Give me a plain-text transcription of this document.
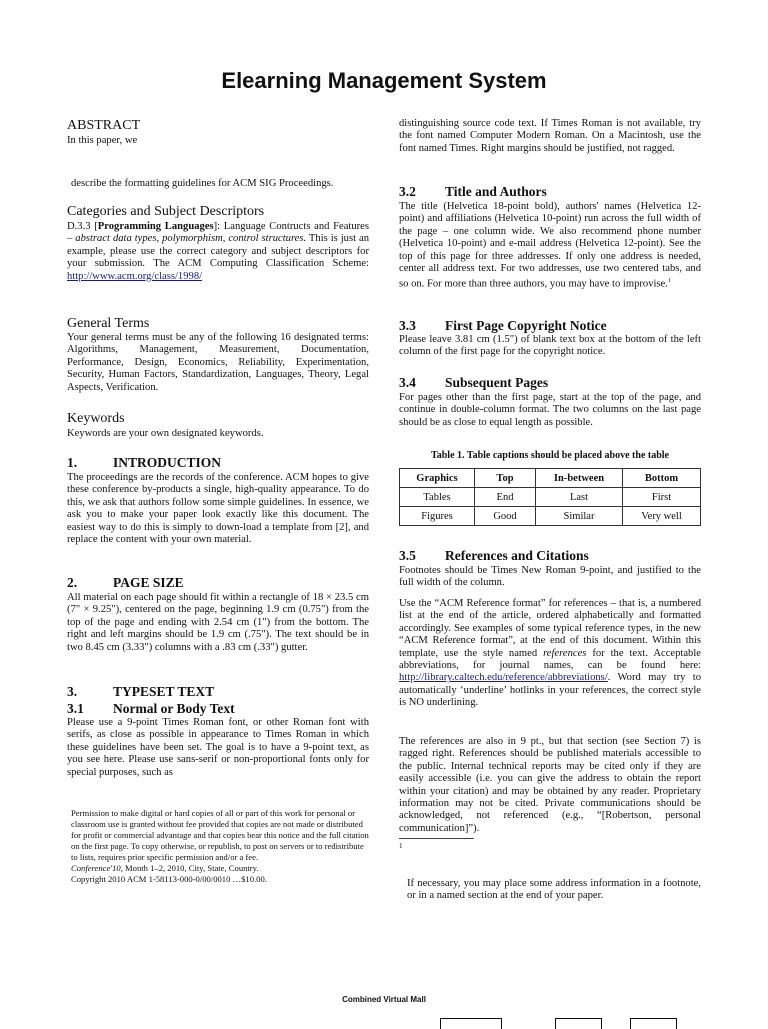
Elearning Management System
ABSTRACT

In this paper, we

describe the formatting guidelines for ACM SIG Proceedings.

Categories and Subject Descriptors

D.3.3 [Programming Languages]: Language Contructs and Features – abstract data types, polymorphism, control structures. This is just an example, please use the correct category and subject descriptors for your submission. The ACM Computing Classification Scheme: http://www.acm.org/class/1998/

General Terms

Your general terms must be any of the following 16 designated terms: Algorithms, Management, Measurement, Documentation, Performance, Design, Economics, Reliability, Experimentation, Security, Human Factors, Standardization, Languages, Theory, Legal Aspects, Verification.

Keywords

Keywords are your own designated keywords.

1.	INTRODUCTION

The proceedings are the records of the conference. ACM hopes to give these conference by-products a single, high-quality appearance. To do this, we ask that authors follow some simple guidelines. In essence, we ask you to make your paper look exactly like this document. The easiest way to do this is simply to down-load a template from [2], and replace the content with your own material.

2.	PAGE SIZE

All material on each page should fit within a rectangle of 18 × 23.5 cm (7" × 9.25"), centered on the page, beginning 1.9 cm (0.75") from the top of the page and ending with 2.54 cm (1") from the bottom. The right and left margins should be 1.9 cm (.75"). The text should be in two 8.45 cm (3.33") columns with a .83 cm (.33") gutter.

3.	TYPESET TEXT
3.1 Normal or Body Text

Please use a 9-point Times Roman font, or other Roman font with serifs, as close as possible in appearance to Times Roman in which these guidelines have been set. The goal is to have a 9-point text, as you see here. Please use sans-serif or non-proportional fonts only for special purposes, such as

Permission to make digital or hard copies of all or part of this work for personal or classroom use is granted without fee provided that copies are not made or distributed for profit or commercial advantage and that copies bear this notice and the full citation on the first page. To copy otherwise, or republish, to post on servers or to redistribute to lists, requires prior specific permission and/or a fee.

Conference'10, Month 1–2, 2010, City, State, Country.

Copyright 2010 ACM 1-58113-000-0/00/0010 …$10.00.

distinguishing source code text. If Times Roman is not available, try the font named Computer Modern Roman. On a Macintosh, use the font named Times. Right margins should be justified, not ragged.

3.2 Title and Authors

The title (Helvetica 18-point bold), authors' names (Helvetica 12-point) and affiliations (Helvetica 10-point) run across the full width of the page – one column wide. We also recommend phone number (Helvetica 10-point) and e-mail address (Helvetica 12-point). See the top of this page for three addresses. If only one address is needed, center all address text. For two addresses, use two centered tabs, and so on. For more than three authors, you may have to improvise.$^1$

3.3 First Page Copyright Notice

Please leave 3.81 cm (1.5") of blank text box at the bottom of the left column of the first page for the copyright notice.

3.4 Subsequent Pages

For pages other than the first page, start at the top of the page, and continue in double-column format. The two columns on the last page should be as close to equal length as possible.

Table 1. Table captions should be placed above the table
Graphics	Top	In-between	Bottom
Tables	End	Last	First
Figures	Good	Similar	Very well
3.5 References and Citations

Footnotes should be Times New Roman 9-point, and justified to the full width of the column.

Use the “ACM Reference format” for references – that is, a numbered list at the end of the article, ordered alphabetically and formatted accordingly. See examples of some typical reference types, in the new “ACM Reference format”, at the end of this document. Within this template, use the style named references for the text. Acceptable abbreviations, for journal names, can be found here: http://library.caltech.edu/reference/abbreviations/. Word may try to automatically ‘underline’ hotlinks in your references, the correct style is NO underlining.

The references are also in 9 pt., but that section (see Section 7) is ragged right. References should be published materials accessible to the public. Internal technical reports may be cited only if they are easily accessible (i.e. you can give the address to obtain the report within your citation) and may be obtained by any reader. Proprietary information may not be cited. Private communications should be acknowledged, not referenced (e.g., “[Robertson, personal communication]”).

1

If necessary, you may place some address information in a footnote, or in a named section at the end of your paper.

Combined Virtual Mall
